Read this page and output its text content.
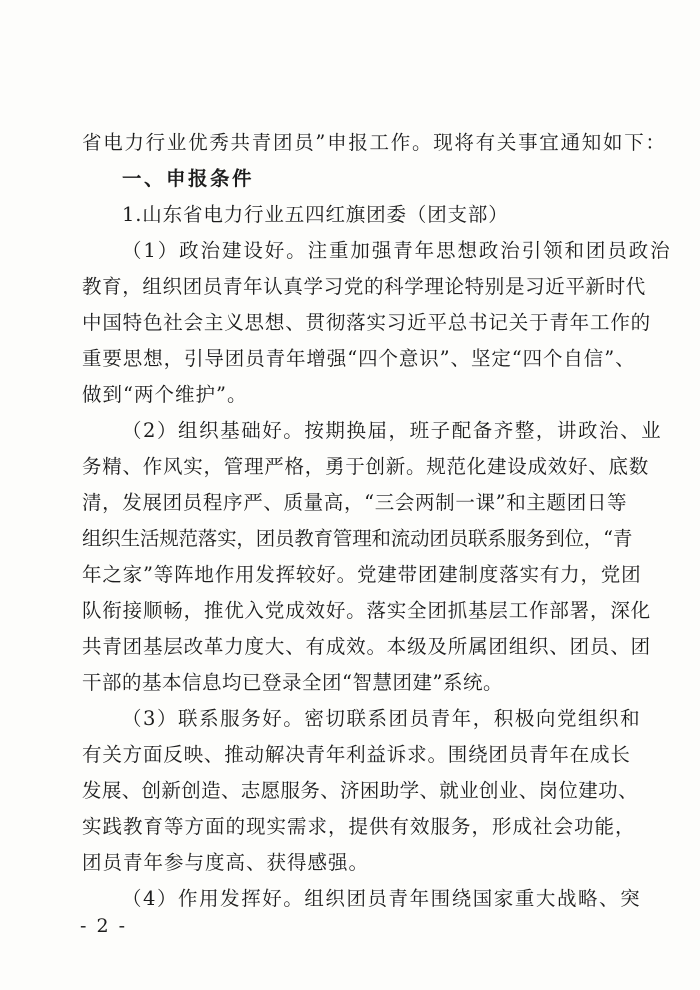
省电力行业优秀共青团员”申报工作。现将有关事宜通知如下：
一、申报条件
1.山东省电力行业五四红旗团委（团支部）
（1）政治建设好。注重加强青年思想政治引领和团员政治
教育，组织团员青年认真学习党的科学理论特别是习近平新时代
中国特色社会主义思想、贯彻落实习近平总书记关于青年工作的
重要思想，引导团员青年增强“四个意识”、坚定“四个自信”、
做到“两个维护”。
（2）组织基础好。按期换届，班子配备齐整，讲政治、业
务精、作风实，管理严格，勇于创新。规范化建设成效好、底数
清，发展团员程序严、质量高，“三会两制一课”和主题团日等
组织生活规范落实，团员教育管理和流动团员联系服务到位，“青
年之家”等阵地作用发挥较好。党建带团建制度落实有力，党团
队衔接顺畅，推优入党成效好。落实全团抓基层工作部署，深化
共青团基层改革力度大、有成效。本级及所属团组织、团员、团
干部的基本信息均已登录全团“智慧团建”系统。
（3）联系服务好。密切联系团员青年，积极向党组织和
有关方面反映、推动解决青年利益诉求。围绕团员青年在成长
发展、创新创造、志愿服务、济困助学、就业创业、岗位建功、
实践教育等方面的现实需求，提供有效服务，形成社会功能，
团员青年参与度高、获得感强。
（4）作用发挥好。组织团员青年围绕国家重大战略、突
- 2 -
